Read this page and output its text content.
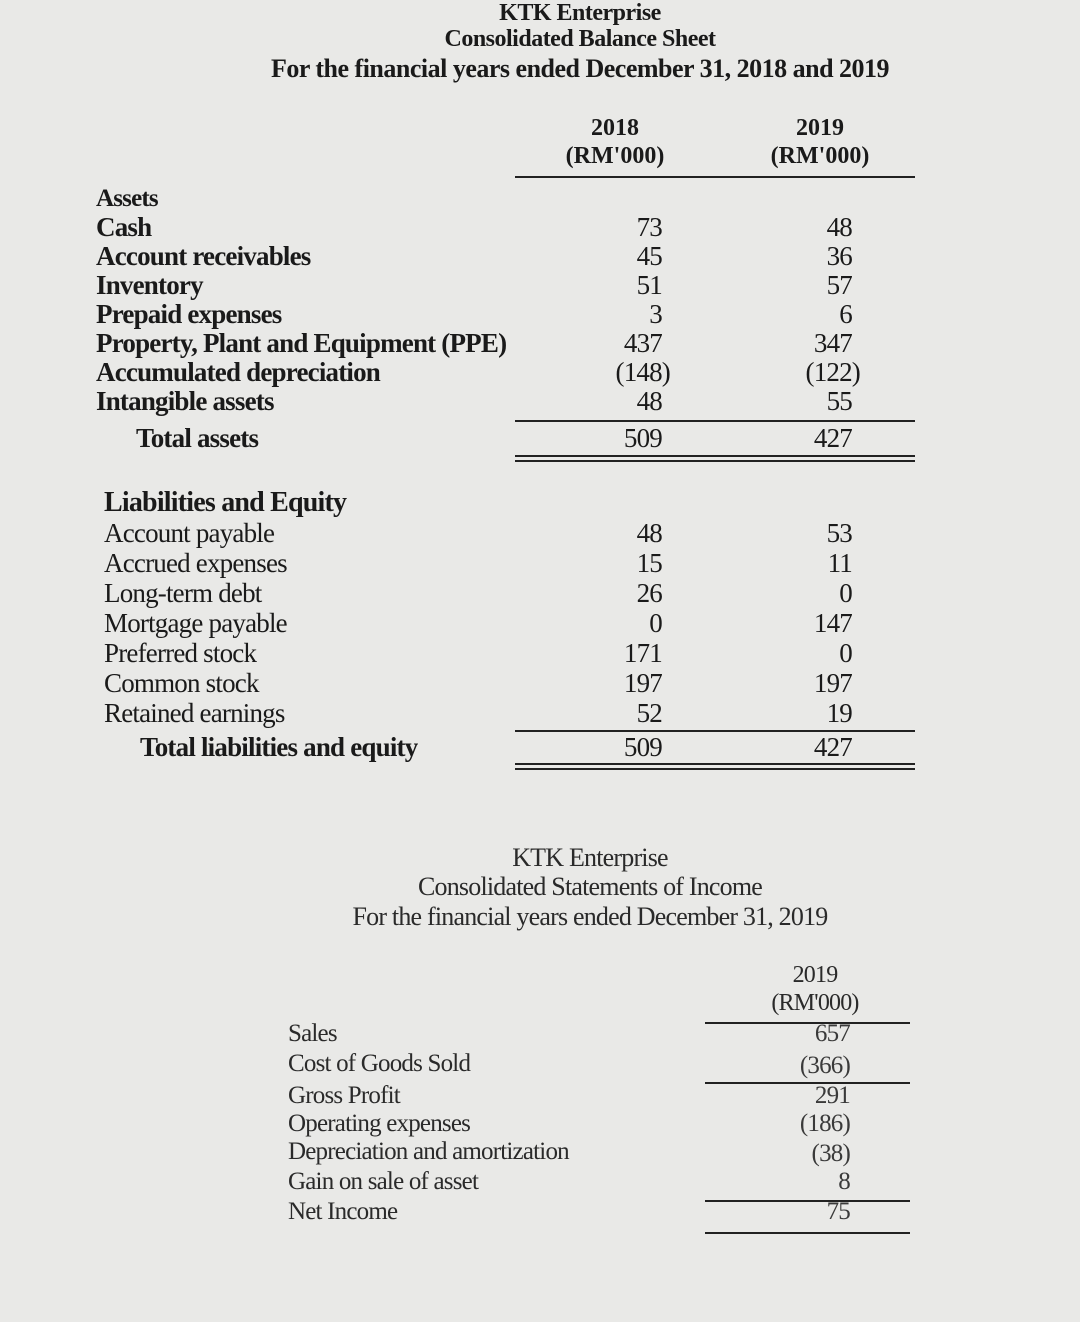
KTK Enterprise
Consolidated Balance Sheet
For the financial years ended December 31, 2018 and 2019
2018
(RM'000)
2019
(RM'000)
Assets
Cash	73	48
Account receivables	45	36
Inventory	51	57
Prepaid expenses	3	6
Property, Plant and Equipment (PPE)	437	347
Accumulated depreciation	(148)	(122)
Intangible assets	48	55
Total assets	509	427
Liabilities and Equity
Account payable	48	53
Accrued expenses	15	11
Long-term debt	26	0
Mortgage payable	0	147
Preferred stock	171	0
Common stock	197	197
Retained earnings	52	19
Total liabilities and equity	509	427
KTK Enterprise
Consolidated Statements of Income
For the financial years ended December 31, 2019
2019
(RM'000)
Sales	657
Cost of Goods Sold	(366)
Gross Profit	291
Operating expenses	(186)
Depreciation and amortization	(38)
Gain on sale of asset	8
Net Income	75
